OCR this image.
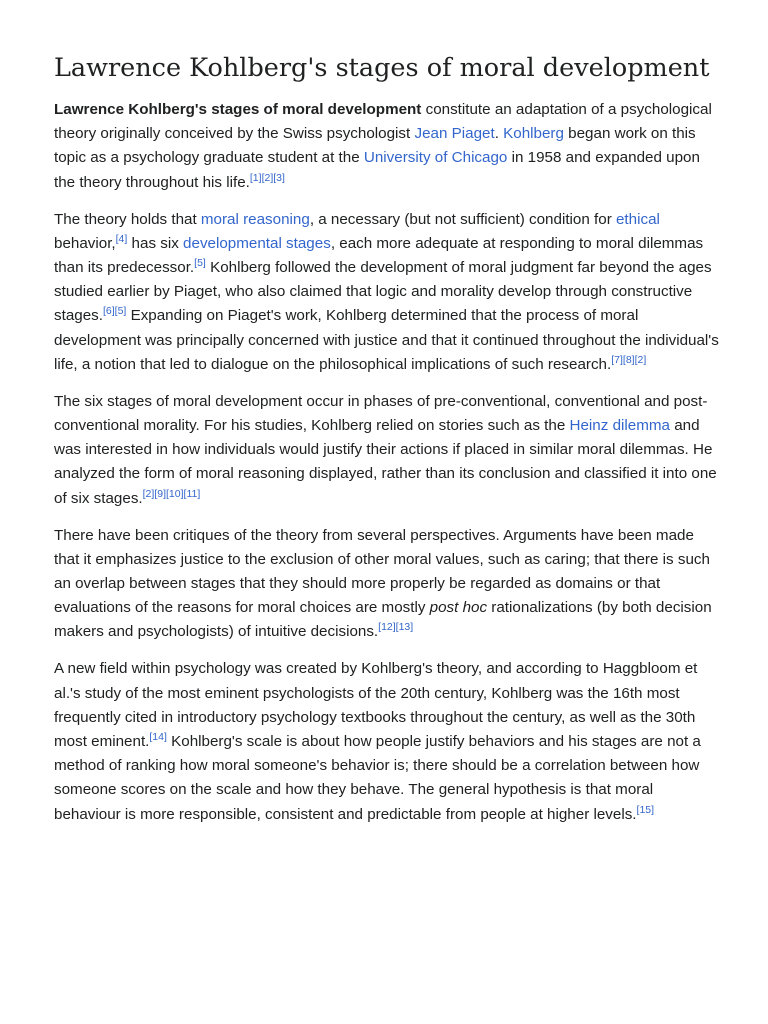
Lawrence Kohlberg's stages of moral development

Lawrence Kohlberg's stages of moral development constitute an adaptation of a psychological theory originally conceived by the Swiss psychologist Jean Piaget. Kohlberg began work on this topic as a psychology graduate student at the University of Chicago in 1958 and expanded upon the theory throughout his life.[1][2][3]

The theory holds that moral reasoning, a necessary (but not sufficient) condition for ethical behavior,[4] has six developmental stages, each more adequate at responding to moral dilemmas than its predecessor.[5] Kohlberg followed the development of moral judgment far beyond the ages studied earlier by Piaget, who also claimed that logic and morality develop through constructive stages.[6][5] Expanding on Piaget's work, Kohlberg determined that the process of moral development was principally concerned with justice and that it continued throughout the individual's life, a notion that led to dialogue on the philosophical implications of such research.[7][8][2]

The six stages of moral development occur in phases of pre-conventional, conventional and post-conventional morality. For his studies, Kohlberg relied on stories such as the Heinz dilemma and was interested in how individuals would justify their actions if placed in similar moral dilemmas. He analyzed the form of moral reasoning displayed, rather than its conclusion and classified it into one of six stages.[2][9][10][11]

There have been critiques of the theory from several perspectives. Arguments have been made that it emphasizes justice to the exclusion of other moral values, such as caring; that there is such an overlap between stages that they should more properly be regarded as domains or that evaluations of the reasons for moral choices are mostly post hoc rationalizations (by both decision makers and psychologists) of intuitive decisions.[12][13]

A new field within psychology was created by Kohlberg's theory, and according to Haggbloom et al.'s study of the most eminent psychologists of the 20th century, Kohlberg was the 16th most frequently cited in introductory psychology textbooks throughout the century, as well as the 30th most eminent.[14] Kohlberg's scale is about how people justify behaviors and his stages are not a method of ranking how moral someone's behavior is; there should be a correlation between how someone scores on the scale and how they behave. The general hypothesis is that moral behaviour is more responsible, consistent and predictable from people at higher levels.[15]
